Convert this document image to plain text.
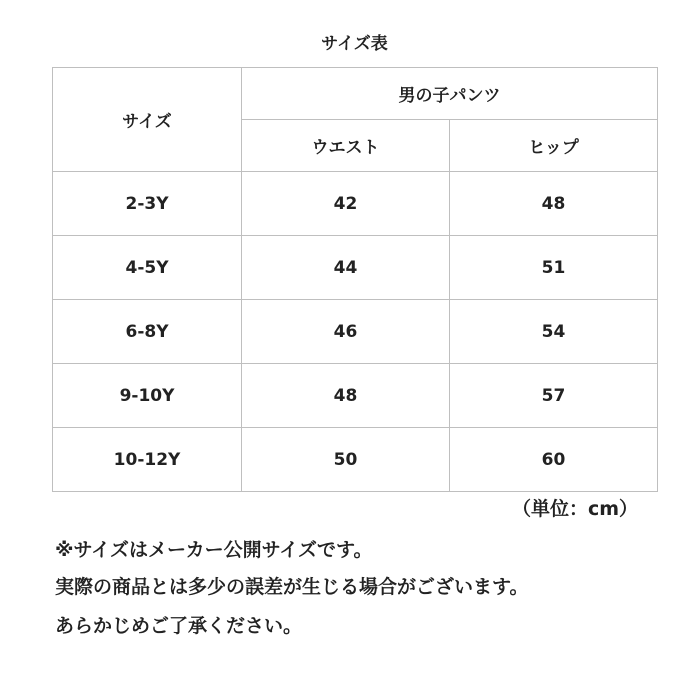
サイズ表
サイズ	男の子パンツ	
	ウエスト	ヒップ
2-3Y	42	48
4-5Y	44	51
6-8Y	46	54
9-10Y	48	57
10-12Y	50	60
（単位：cm）
※サイズはメーカー公開サイズです。
実際の商品とは多少の誤差が生じる場合がございます。
あらかじめご了承ください。
